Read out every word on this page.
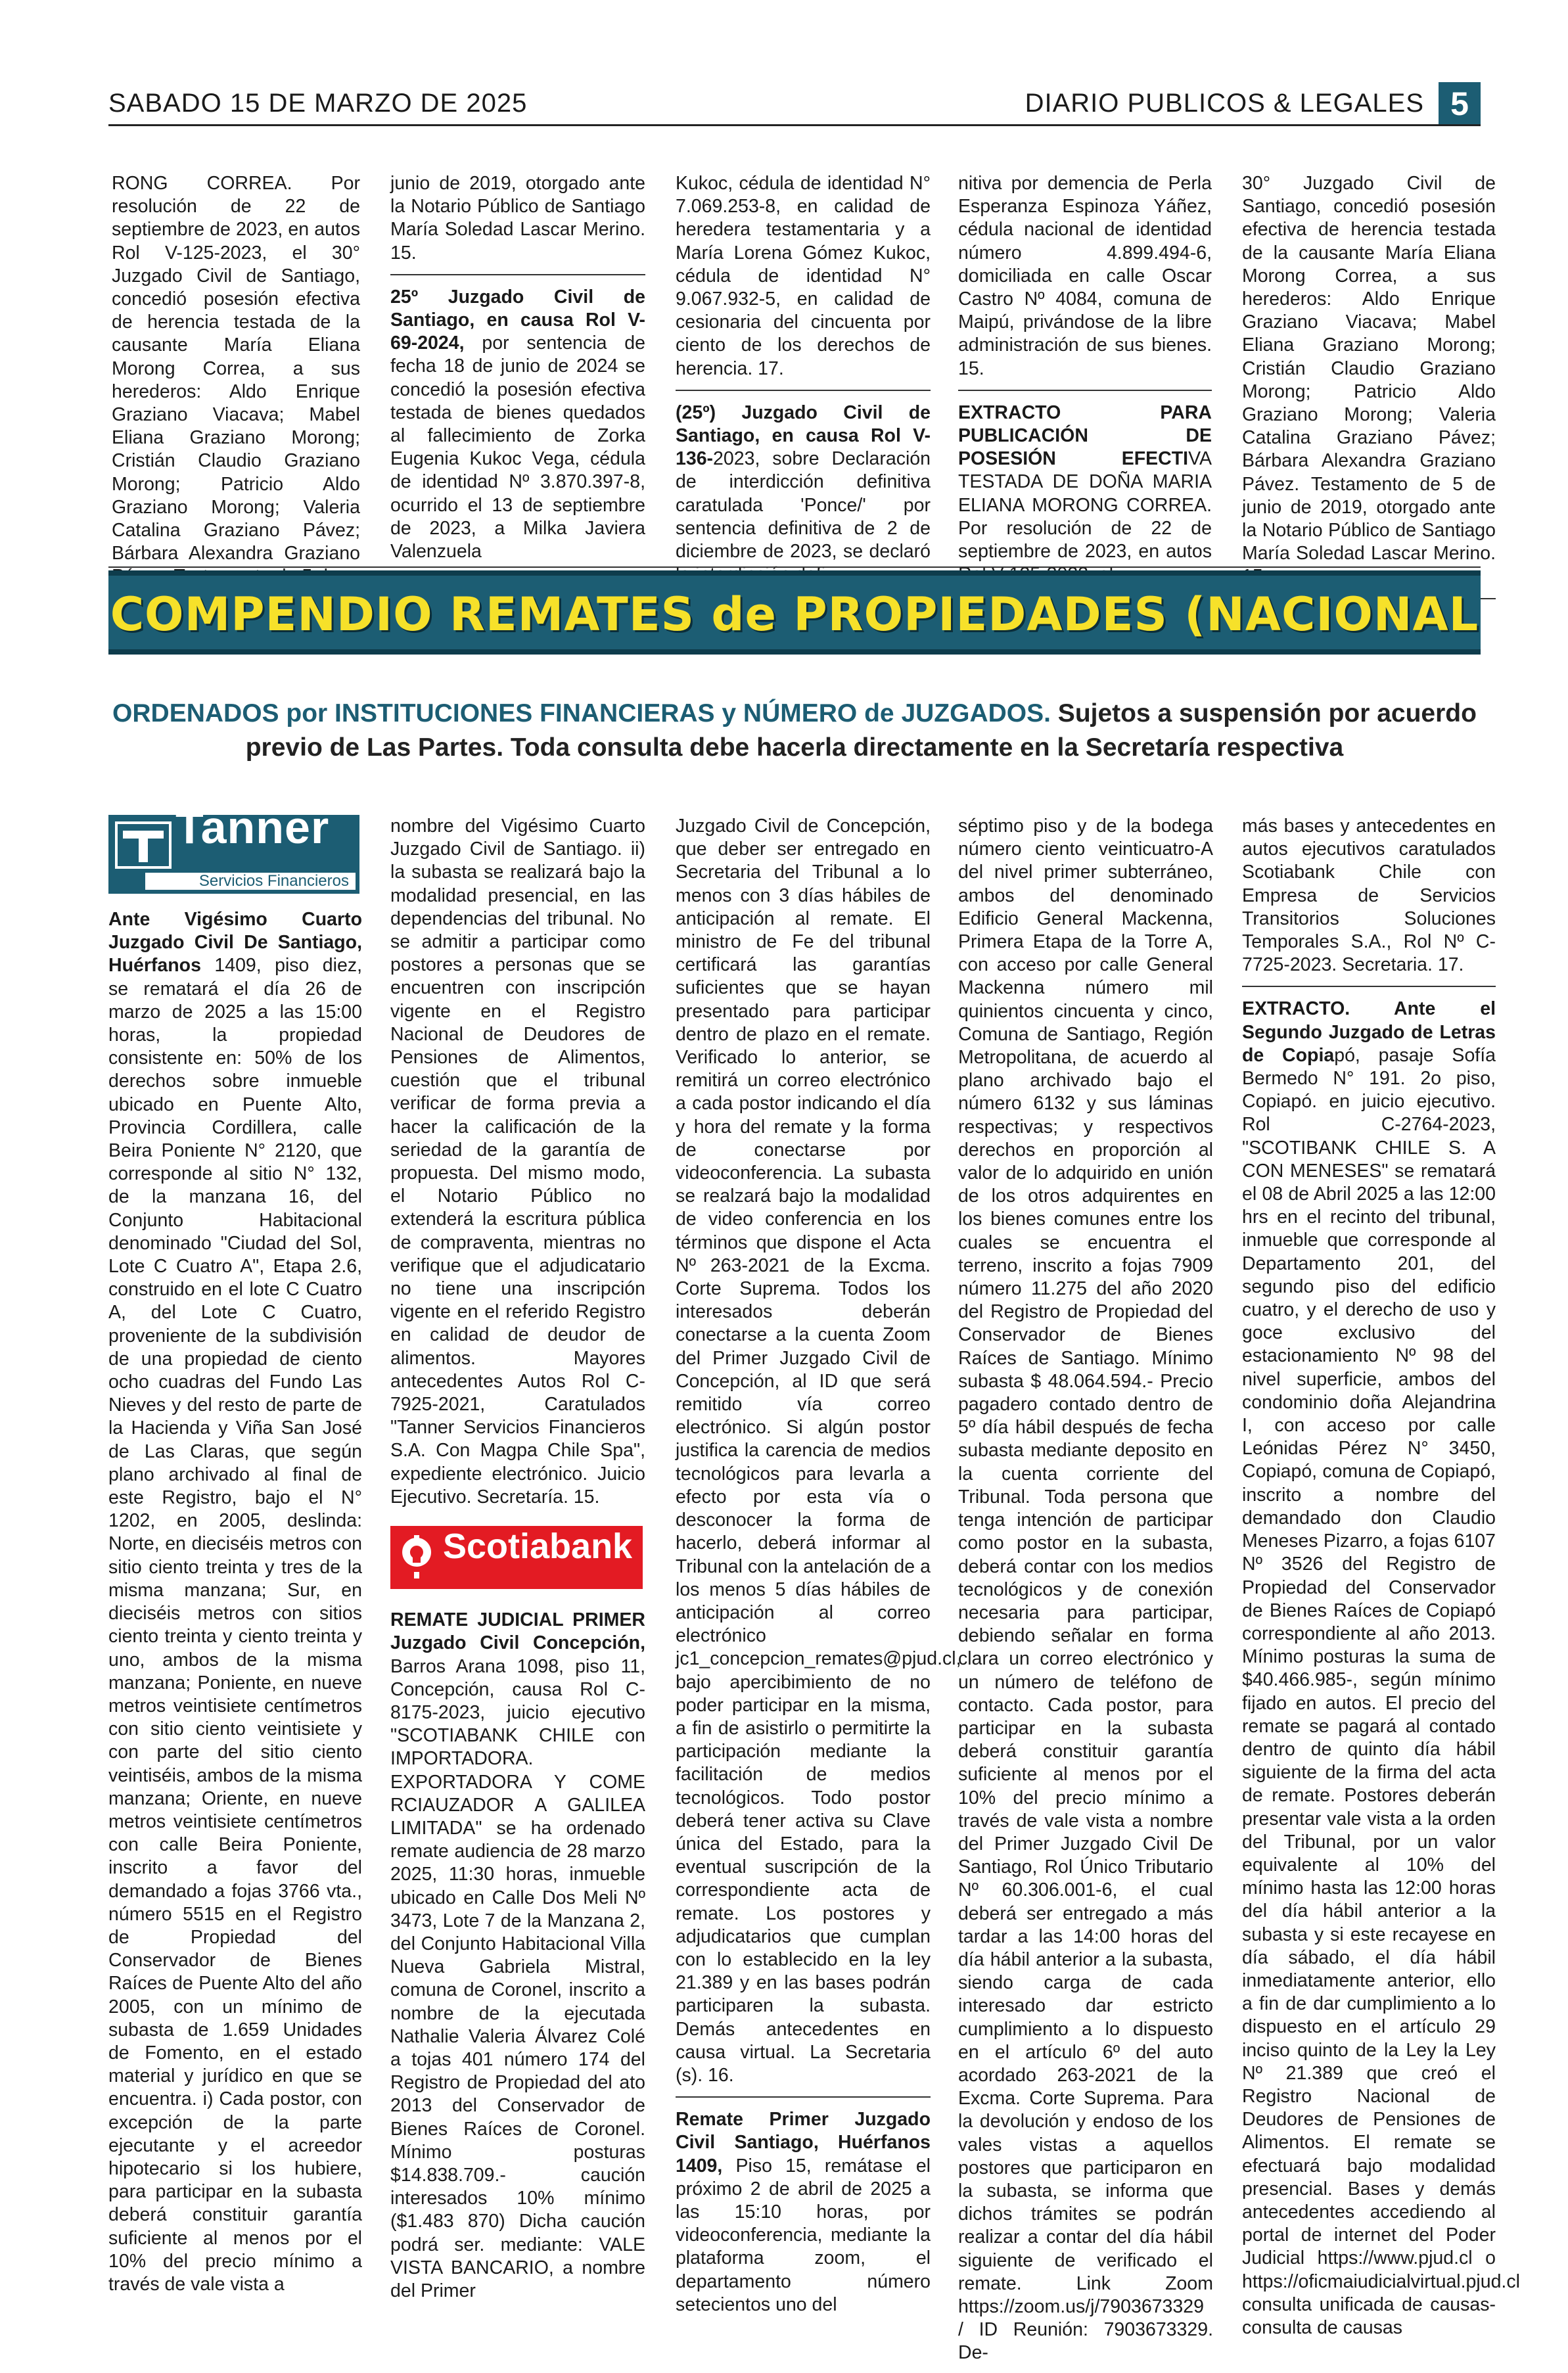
SABADO 15 DE MARZO DE 2025	DIARIO PUBLICOS & LEGALES 5

RONG CORREA. Por resolución de 22 de septiembre de 2023, en autos Rol V-125-2023, el 30° Juzgado Civil de Santiago, concedió posesión efectiva de herencia testada de la causante María Eliana Morong Correa, a sus herederos: Aldo Enrique Graziano Viacava; Mabel Eliana Graziano Morong; Cristián Claudio Graziano Morong; Patricio Aldo Graziano Morong; Valeria Catalina Graziano Pávez; Bárbara Alexandra Graziano

junio de 2019, otorgado ante la Notario Público de Santiago María Soledad Lascar Merino. 15.

25º Juzgado Civil de Santiago, en causa Rol V-69-2024, por sentencia de fecha 18 de junio de 2024 se concedió la posesión efectiva testada de bienes quedados al fallecimiento de Zorka Eugenia Kukoc Vega, cédula de identidad Nº 3.870.397-8, ocurrido el 13 de septiembre de 2023, a Milka Javiera Valenzuela

Kukoc, cédula de identidad N° 7.069.253-8, en calidad de heredera testamentaria y a María Lorena Gómez Kukoc, cédula de identidad N° 9.067.932-5, en calidad de cesionaria del cincuenta por ciento de los derechos de herencia. 17.

(25º) Juzgado Civil de Santiago, en causa Rol V-136-2023, sobre Declaración de interdicción definitiva caratulada 'Ponce/' por sentencia definitiva de 2 de diciembre de 2023, se declaró

nitiva por demencia de Perla Esperanza Espinoza Yáñez, cédula nacional de identidad número 4.899.494-6, domiciliada en calle Oscar Castro Nº 4084, comuna de Maipú, privándose de la libre administración de sus bienes. 15.

EXTRACTO PARA PUBLICACIÓN DE POSESIÓN EFECTIVA TESTADA DE DOÑA MARIA ELIANA MORONG CORREA. Por resolución de 22 de septiembre de 2023, en autos

30° Juzgado Civil de Santiago, concedió posesión efectiva de herencia testada de la causante María Eliana Morong Correa, a sus herederos: Aldo Enrique Graziano Viacava; Mabel Eliana Graziano Morong; Cristián Claudio Graziano Morong; Patricio Aldo Graziano Morong; Valeria Catalina Graziano Pávez; Bárbara Alexandra Graziano Pávez. Testamento de 5 de junio de 2019, otorgado ante la Notario Público de Santiago María Soledad Lascar Merino.

COMPENDIO REMATES de PROPIEDADES (NACIONAL
ORDENADOS por INSTITUCIONES FINANCIERAS y NÚMERO de JUZGADOS. Sujetos a suspensión por acuerdo previo de Las Partes. Toda consulta debe hacerla directamente en la Secretaría respectiva
Tanner
Servicios Financieros

Ante Vigésimo Cuarto Juzgado Civil De Santiago, Huérfanos 1409, piso diez, se rematará el día 26 de marzo de 2025 a las 15:00 horas, la propiedad consistente en: 50% de los derechos sobre inmueble ubicado en Puente Alto, Provincia Cordillera, calle Beira Poniente N° 2120, que corresponde al sitio N° 132, de la manzana 16, del Conjunto Habitacional denominado "Ciudad del Sol, Lote C Cuatro A", Etapa 2.6, construido en el lote C Cuatro A, del Lote C Cuatro, proveniente de la subdivisión de una propiedad de ciento ocho cuadras del Fundo Las Nieves y del resto de parte de la Hacienda y Viña San José de Las Claras, que según plano archivado al final de este Registro, bajo el N° 1202, en 2005, deslinda: Norte, en dieciséis metros con sitio ciento treinta y tres de la misma manzana; Sur, en dieciséis metros con sitios ciento treinta y ciento treinta y uno, ambos de la misma manzana; Poniente, en nueve metros veintisiete centímetros con sitio ciento veintisiete y con parte del sitio ciento veintiséis, ambos de la misma manzana; Oriente, en nueve metros veintisiete centímetros con calle Beira Poniente, inscrito a favor del demandado a fojas 3766 vta., número 5515 en el Registro de Propiedad del Conservador de Bienes Raíces de Puente Alto del año 2005, con un mínimo de subasta de 1.659 Unidades de Fomento, en el estado material y jurídico en que se encuentra. i) Cada postor, con excepción de la parte ejecutante y el acreedor hipotecario si los hubiere, para participar en la subasta deberá constituir garantía suficiente al menos por el 10% del precio mínimo a través de vale vista a

nombre del Vigésimo Cuarto Juzgado Civil de Santiago. ii) la subasta se realizará bajo la modalidad presencial, en las dependencias del tribunal. No se admitir a participar como postores a personas que se encuentren con inscripción vigente en el Registro Nacional de Deudores de Pensiones de Alimentos, cuestión que el tribunal verificar de forma previa a hacer la calificación de la seriedad de la garantía de propuesta. Del mismo modo, el Notario Público no extenderá la escritura pública de compraventa, mientras no verifique que el adjudicatario no tiene una inscripción vigente en el referido Registro en calidad de deudor de alimentos. Mayores antecedentes Autos Rol C-7925-2021, Caratulados "Tanner Servicios Financieros S.A. Con Magpa Chile Spa", expediente electrónico. Juicio Ejecutivo. Secretaría. 15.

Scotiabank

REMATE JUDICIAL PRIMER Juzgado Civil Concepción, Barros Arana 1098, piso 11, Concepción, causa Rol C-8175-2023, juicio ejecutivo "SCOTIABANK CHILE con IMPORTADORA. EXPORTADORA Y COME RCIAUZADOR A GALILEA LIMITADA" se ha ordenado remate audiencia de 28 marzo 2025, 11:30 horas, inmueble ubicado en Calle Dos Meli Nº 3473, Lote 7 de la Manzana 2, del Conjunto Habitacional Villa Nueva Gabriela Mistral, comuna de Coronel, inscrito a nombre de la ejecutada Nathalie Valeria Álvarez Colé a tojas 401 número 174 del Registro de Propiedad del ato 2013 del Conservador de Bienes Raíces de Coronel. Mínimo posturas $14.838.709.- caución interesados 10% mínimo ($1.483 870) Dicha caución podrá ser. mediante: VALE VISTA BANCARIO, a nombre del Primer

Juzgado Civil de Concepción, que deber ser entregado en Secretaria del Tribunal a lo menos con 3 días hábiles de anticipación al remate. El ministro de Fe del tribunal certificará las garantías suficientes que se hayan presentado para participar dentro de plazo en el remate. Verificado lo anterior, se remitirá un correo electrónico a cada postor indicando el día y hora del remate y la forma de conectarse por videoconferencia. La subasta se realzará bajo la modalidad de video conferencia en los términos que dispone el Acta Nº 263-2021 de la Excma. Corte Suprema. Todos los interesados deberán conectarse a la cuenta Zoom del Primer Juzgado Civil de Concepción, al ID que será remitido vía correo electrónico. Si algún postor justifica la carencia de medios tecnológicos para levarla a efecto por esta vía o desconocer la forma de hacerlo, deberá informar al Tribunal con la antelación de a los menos 5 días hábiles de anticipación al correo electrónico jc1_concepcion_remates@pjud.cl, bajo apercibimiento de no poder participar en la misma, a fin de asistirlo o permitirte la participación mediante la facilitación de medios tecnológicos. Todo postor deberá tener activa su Clave única del Estado, para la eventual suscripción de la correspondiente acta de remate. Los postores y adjudicatarios que cumplan con lo establecido en la ley 21.389 y en las bases podrán participaren la subasta. Demás antecedentes en causa virtual. La Secretaria (s). 16.

Remate Primer Juzgado Civil Santiago, Huérfanos 1409, Piso 15, remátase el próximo 2 de abril de 2025 a las 15:10 horas, por videoconferencia, mediante la plataforma zoom, el departamento número setecientos uno del

séptimo piso y de la bodega número ciento veinticuatro-A del nivel primer subterráneo, ambos del denominado Edificio General Mackenna, Primera Etapa de la Torre A, con acceso por calle General Mackenna número mil quinientos cincuenta y cinco, Comuna de Santiago, Región Metropolitana, de acuerdo al plano archivado bajo el número 6132 y sus láminas respectivas; y respectivos derechos en proporción al valor de lo adquirido en unión de los otros adquirentes en los bienes comunes entre los cuales se encuentra el terreno, inscrito a fojas 7909 número 11.275 del año 2020 del Registro de Propiedad del Conservador de Bienes Raíces de Santiago. Mínimo subasta $ 48.064.594.- Precio pagadero contado dentro de 5º día hábil después de fecha subasta mediante deposito en la cuenta corriente del Tribunal. Toda persona que tenga intención de participar como postor en la subasta, deberá contar con los medios tecnológicos y de conexión necesaria para participar, debiendo señalar en forma clara un correo electrónico y un número de teléfono de contacto. Cada postor, para participar en la subasta deberá constituir garantía suficiente al menos por el 10% del precio mínimo a través de vale vista a nombre del Primer Juzgado Civil De Santiago, Rol Único Tributario Nº 60.306.001-6, el cual deberá ser entregado a más tardar a las 14:00 horas del día hábil anterior a la subasta, siendo carga de cada interesado dar estricto cumplimiento a lo dispuesto en el artículo 6º del auto acordado 263-2021 de la Excma. Corte Suprema. Para la devolución y endoso de los vales vistas a aquellos postores que participaron en la subasta, se informa que dichos trámites se podrán realizar a contar del día hábil siguiente de verificado el remate. Link Zoom https://zoom.us/j/7903673329 / ID Reunión: 7903673329. De-

más bases y antecedentes en autos ejecutivos caratulados Scotiabank Chile con Empresa de Servicios Transitorios Soluciones Temporales S.A., Rol Nº C-7725-2023. Secretaria. 17.

EXTRACTO. Ante el Segundo Juzgado de Letras de Copiapó, pasaje Sofía Bermedo N° 191. 2o piso, Copiapó. en juicio ejecutivo. Rol C-2764-2023, "SCOTIBANK CHILE S. A CON MENESES" se rematará el 08 de Abril 2025 a las 12:00 hrs en el recinto del tribunal, inmueble que corresponde al Departamento 201, del segundo piso del edificio cuatro, y el derecho de uso y goce exclusivo del estacionamiento Nº 98 del nivel superficie, ambos del condominio doña Alejandrina I, con acceso por calle Leónidas Pérez N° 3450, Copiapó, comuna de Copiapó, inscrito a nombre del demandado don Claudio Meneses Pizarro, a fojas 6107 Nº 3526 del Registro de Propiedad del Conservador de Bienes Raíces de Copiapó correspondiente al año 2013. Mínimo posturas la suma de $40.466.985-, según mínimo fijado en autos. El precio del remate se pagará al contado dentro de quinto día hábil siguiente de la firma del acta de remate. Postores deberán presentar vale vista a la orden del Tribunal, por un valor equivalente al 10% del mínimo hasta las 12:00 horas del día hábil anterior a la subasta y si este recayese en día sábado, el día hábil inmediatamente anterior, ello a fin de dar cumplimiento a lo dispuesto en el artículo 29 inciso quinto de la Ley la Ley Nº 21.389 que creó el Registro Nacional de Deudores de Pensiones de Alimentos. El remate se efectuará bajo modalidad presencial. Bases y demás antecedentes accediendo al portal de internet del Poder Judicial https://www.pjud.cl o https://oficmaiudicialvirtual.pjud.cl consulta unificada de causas- consulta de causas
